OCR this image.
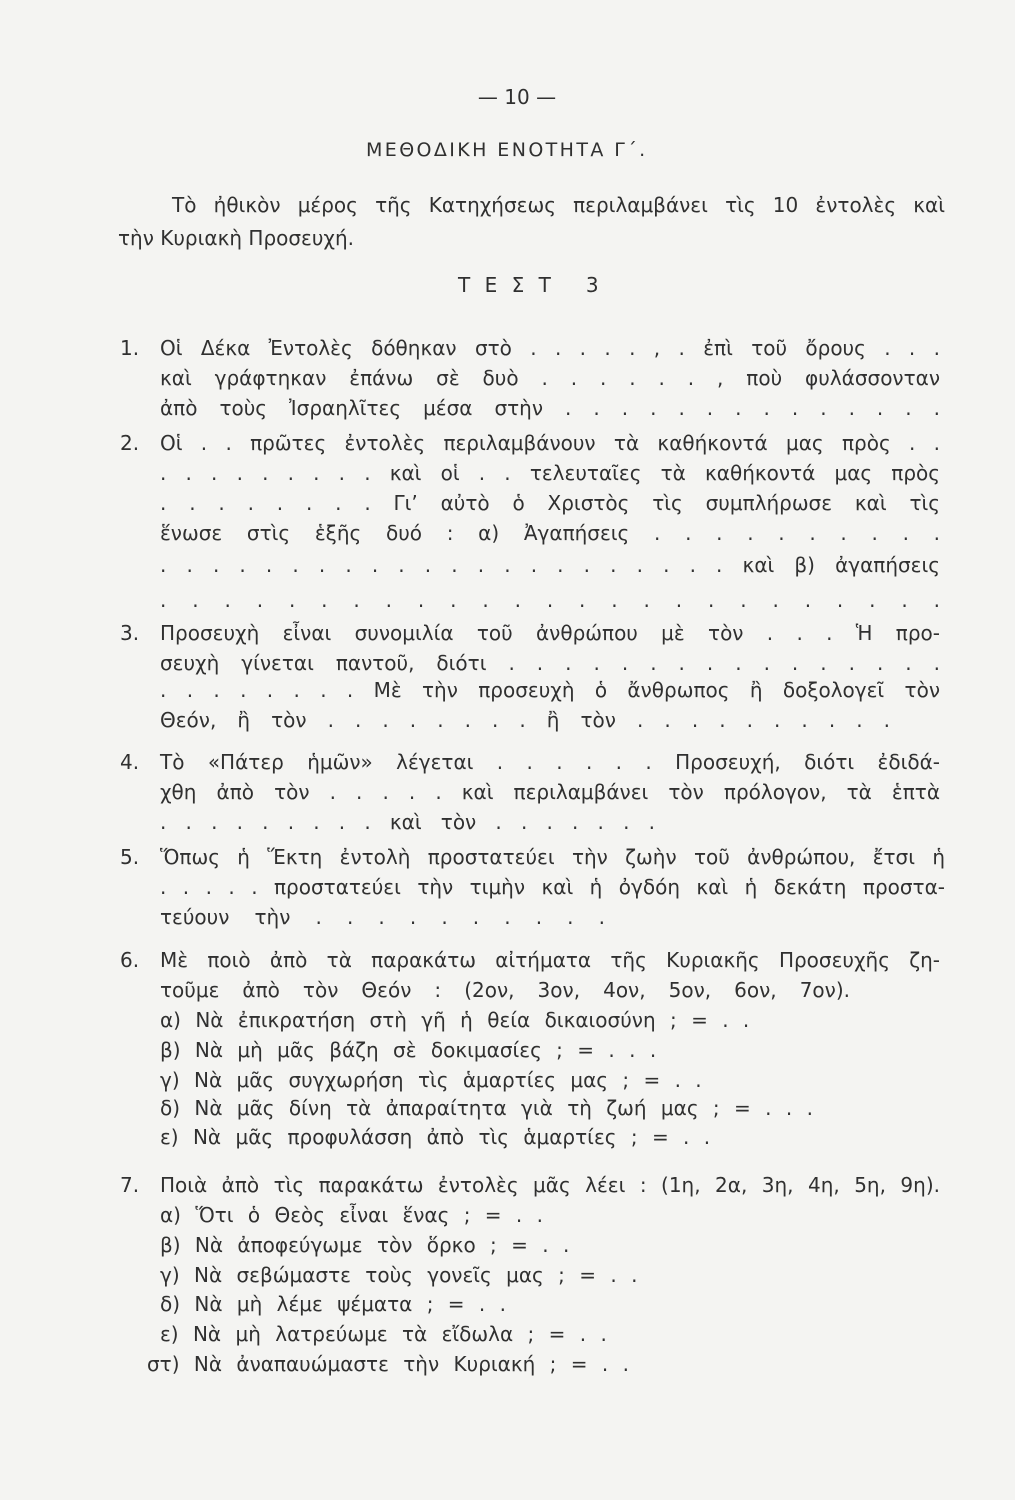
— 10 —
ΜΕΘΟΔΙΚΗ ΕΝΟΤΗΤΑ Γ΄.
Τὸ ἠθικὸν μέρος τῆς Κατηχήσεως περιλαμβάνει τὶς 10 ἐντολὲς καὶ
τὴν Κυριακὴ Προσευχή.
Τ Ε Σ Τ   3
1. Οἱ Δέκα Ἐντολὲς δόθηκαν στὸ . . . . . , . ἐπὶ τοῦ ὄρους . . .
καὶ γράφτηκαν ἐπάνω σὲ δυὸ . . . . . . , ποὺ φυλάσσονταν
ἀπὸ τοὺς Ἰσραηλῖτες μέσα στὴν . . . . . . . . . . . . . .
2. Οἱ . . πρῶτες ἐντολὲς περιλαμβάνουν τὰ καθήκοντά μας πρὸς . .
. . . . . . . . . καὶ οἱ . . τελευταῖες τὰ καθήκοντά μας πρὸς
. . . . . . . . Γι’ αὐτὸ ὁ Χριστὸς τὶς συμπλήρωσε καὶ τὶς
ἕνωσε στὶς ἑξῆς δυό : α) Ἀγαπήσεις . . . . . . . . . .
. . . . . . . . . . . . . . . . . . . . . . καὶ β) ἀγαπήσεις
. . . . . . . . . . . . . . . . . . . . . . . . .
3. Προσευχὴ εἶναι συνομιλία τοῦ ἀνθρώπου μὲ τὸν . . . Ἡ προ-
σευχὴ γίνεται παντοῦ, διότι . . . . . . . . . . . . . . . .
. . . . . . . . Μὲ τὴν προσευχὴ ὁ ἄνθρωπος ἢ δοξολογεῖ τὸν
Θεόν, ἢ τὸν . . . . . . . . ἢ τὸν . . . . . . . . . .
4. Τὸ «Πάτερ ἡμῶν» λέγεται . . . . . . Προσευχή, διότι ἐδιδά-
χθη ἀπὸ τὸν . . . . . καὶ περιλαμβάνει τὸν πρόλογον, τὰ ἑπτὰ
. . . . . . . . . καὶ τὸν . . . . . . .
5. Ὅπως ἡ Ἕκτη ἐντολὴ προστατεύει τὴν ζωὴν τοῦ ἀνθρώπου, ἔτσι ἡ
. . . . . προστατεύει τὴν τιμὴν καὶ ἡ ὀγδόη καὶ ἡ δεκάτη προστα-
τεύουν τὴν . . . . . . . . . .
6. Μὲ ποιὸ ἀπὸ τὰ παρακάτω αἰτήματα τῆς Κυριακῆς Προσευχῆς ζη-
τοῦμε ἀπὸ τὸν Θεόν : (2ον, 3ον, 4ον, 5ον, 6ον, 7ον).
α) Νὰ ἐπικρατήση στὴ γῆ ἡ θεία δικαιοσύνη ; = . .
β) Νὰ μὴ μᾶς βάζη σὲ δοκιμασίες ; = . . .
γ) Νὰ μᾶς συγχωρήση τὶς ἁμαρτίες μας ; = . .
δ) Νὰ μᾶς δίνη τὰ ἀπαραίτητα γιὰ τὴ ζωή μας ; = . . .
ε) Νὰ μᾶς προφυλάσση ἀπὸ τὶς ἁμαρτίες ; = . .
7. Ποιὰ ἀπὸ τὶς παρακάτω ἐντολὲς μᾶς λέει : (1η, 2α, 3η, 4η, 5η, 9η).
α) Ὅτι ὁ Θεὸς εἶναι ἕνας ; = . .
β) Νὰ ἀποφεύγωμε τὸν ὅρκο ; = . .
γ) Νὰ σεβώμαστε τοὺς γονεῖς μας ; = . .
δ) Νὰ μὴ λέμε ψέματα ; = . .
ε) Νὰ μὴ λατρεύωμε τὰ εἴδωλα ; = . .
στ) Νὰ ἀναπαυώμαστε τὴν Κυριακή ; = . .
